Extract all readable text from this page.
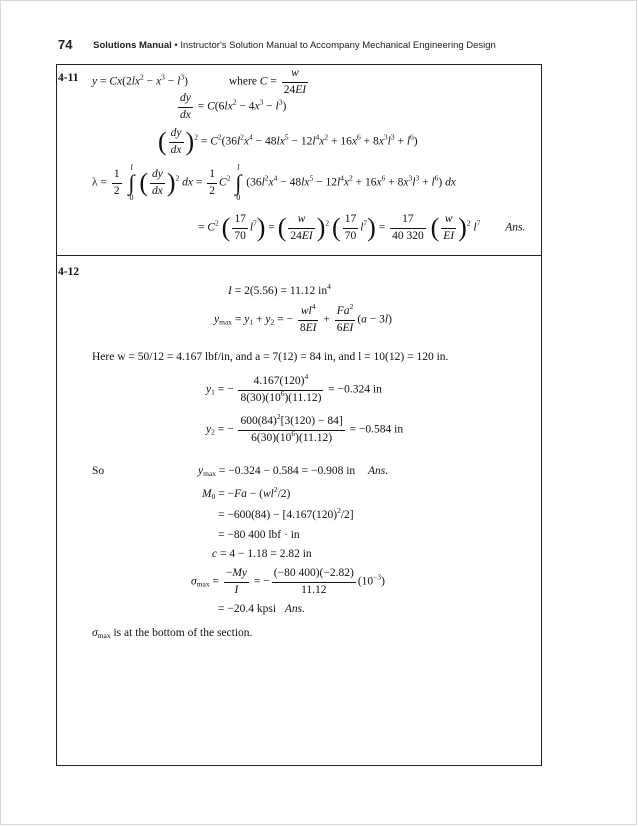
74 Solutions Manual • Instructor's Solution Manual to Accompany Mechanical Engineering Design
4-11 $y = Cx(2lx^2 - x^3 - l^3)$	where $C = \frac{w}{24EI}$
$\frac{dy}{dx} = C(6lx^2 - 4x^3 - l^3)$
( $\frac{dy}{dx} )^2 = C^2(36l^2x^4 - 48lx^5 - 12l^4x^2 + 16x^6 + 8x^3l^3 + l^6)$
$\lambda = \frac{1}{2}$
l
∫
0 ( $\frac{dy}{dx} )^2$ dx = $\frac{1}{2} C^2$ l
∫
0 $(36l^2x^4 - 48lx^5 - 12l^4x^2 + 16x^6 + 8x^3l^3 + l^6)$ dx
= $C^2$ ( $\frac{17}{70} l^7$) = ( $\frac{w}{24EI} )^2$ ( $\frac{17}{70} l^7) = \frac{17}{40 320}$ ( $\frac{w}{EI} )^2$ $l^7$ Ans.
4-12
I = 2(5.56) = 11.12 $in^4$
$y_{max} = y_1 + y_2$ = − $\frac{wl^4}{8EI} + \frac{Fa^2}{6EI} (a - 3l)$
Here w = 50/12 = 4.167 lbf/in, and a = 7(12) = 84 in, and l = 10(12) = 120 in.
$y_1$ = − $\frac{4.167(120)^4}{8(30)(10^6)(11.12)} = -0.324$ in
$y_2$ = − $\frac{600(84)^2[3(120) - 84]}{6(30)(10^6)(11.12)} = -0.584$ in
So	$y_{max} = -0.324 - 0.584 = -0.908$ in Ans.
$M_0 = -Fa - (wl^2/2)$
= $-600(84) - [4.167(120)^2/2]$
= −80 400 lbf · in
c = 4 − 1.18 = 2.82 in
$\sigma_{max} = \frac{-My}{I}$ = − $\frac{(-80 400)(-2.82)}{11.12} (10^{-3})$
= −20.4 kpsi Ans.
$\sigma_{max}$ is at the bottom of the section.
